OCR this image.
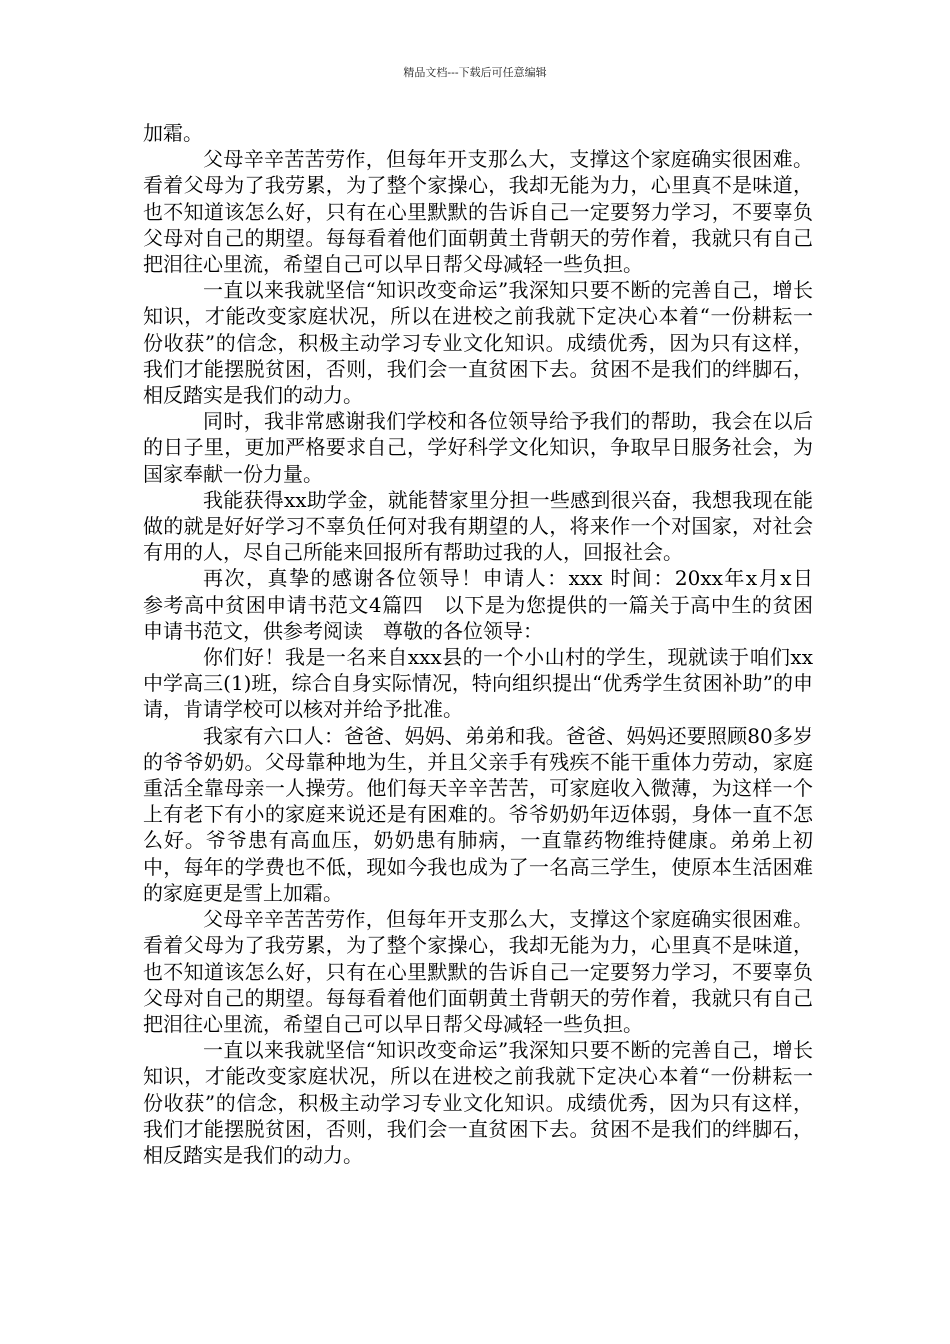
精品文档---下载后可任意编辑

加霜。

父母辛辛苦苦劳作，但每年开支那么大，支撑这个家庭确实很困难。看着父母为了我劳累，为了整个家操心，我却无能为力，心里真不是味道，也不知道该怎么好，只有在心里默默的告诉自己一定要努力学习，不要辜负父母对自己的期望。每每看着他们面朝黄土背朝天的劳作着，我就只有自己把泪往心里流，希望自己可以早日帮父母减轻一些负担。

一直以来我就坚信“知识改变命运”我深知只要不断的完善自己，增长知识，才能改变家庭状况，所以在进校之前我就下定决心本着“一份耕耘一份收获”的信念，积极主动学习专业文化知识。成绩优秀，因为只有这样，我们才能摆脱贫困，否则，我们会一直贫困下去。贫困不是我们的绊脚石，相反踏实是我们的动力。

同时，我非常感谢我们学校和各位领导给予我们的帮助，我会在以后的日子里，更加严格要求自己，学好科学文化知识，争取早日服务社会，为国家奉献一份力量。

我能获得xx助学金，就能替家里分担一些感到很兴奋，我想我现在能做的就是好好学习不辜负任何对我有期望的人，将来作一个对国家，对社会有用的人，尽自己所能来回报所有帮助过我的人，回报社会。

再次，真挚的感谢各位领导！申请人：xxx 时间：20xx年x月x日　参考高中贫困申请书范文4篇四　以下是为您提供的一篇关于高中生的贫困申请书范文，供参考阅读　尊敬的各位领导：

你们好！我是一名来自xxx县的一个小山村的学生，现就读于咱们xx中学高三(1)班，综合自身实际情况，特向组织提出“优秀学生贫困补助”的申请，肯请学校可以核对并给予批准。

我家有六口人：爸爸、妈妈、弟弟和我。爸爸、妈妈还要照顾80多岁的爷爷奶奶。父母靠种地为生，并且父亲手有残疾不能干重体力劳动，家庭重活全靠母亲一人操劳。他们每天辛辛苦苦，可家庭收入微薄，为这样一个上有老下有小的家庭来说还是有困难的。爷爷奶奶年迈体弱，身体一直不怎么好。爷爷患有高血压，奶奶患有肺病，一直靠药物维持健康。弟弟上初中，每年的学费也不低，现如今我也成为了一名高三学生，使原本生活困难的家庭更是雪上加霜。

父母辛辛苦苦劳作，但每年开支那么大，支撑这个家庭确实很困难。看着父母为了我劳累，为了整个家操心，我却无能为力，心里真不是味道，也不知道该怎么好，只有在心里默默的告诉自己一定要努力学习，不要辜负父母对自己的期望。每每看着他们面朝黄土背朝天的劳作着，我就只有自己把泪往心里流，希望自己可以早日帮父母减轻一些负担。

一直以来我就坚信“知识改变命运”我深知只要不断的完善自己，增长知识，才能改变家庭状况，所以在进校之前我就下定决心本着“一份耕耘一份收获”的信念，积极主动学习专业文化知识。成绩优秀，因为只有这样，我们才能摆脱贫困，否则，我们会一直贫困下去。贫困不是我们的绊脚石，相反踏实是我们的动力。
